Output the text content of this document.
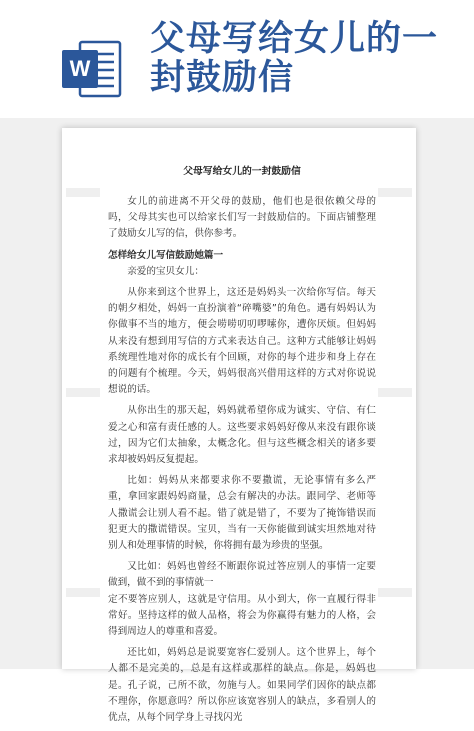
W
父母写给女儿的一封鼓励信
父母写给女儿的一封鼓励信

女儿的前进离不开父母的鼓励，他们也是很依赖父母的吗，父母其实也可以给家长们写一封鼓励信的。下面店铺整理了鼓励女儿写的信，供你参考。

怎样给女儿写信鼓励她篇一

亲爱的宝贝女儿：

从你来到这个世界上，这还是妈妈头一次给你写信。每天的朝夕相处，妈妈一直扮演着“碎嘴婆”的角色。遇有妈妈认为你做事不当的地方，便会唠唠叨叨啰嗦你，遭你厌烦。但妈妈从来没有想到用写信的方式来表达自己。这种方式能够让妈妈系统理性地对你的成长有个回顾，对你的每个进步和身上存在的问题有个梳理。今天，妈妈很高兴借用这样的方式对你说说想说的话。

从你出生的那天起，妈妈就希望你成为诚实、守信、有仁爱之心和富有责任感的人。这些要求妈妈好像从来没有跟你谈过，因为它们太抽象，太概念化。但与这些概念相关的诸多要求却被妈妈反复提起。

比如：妈妈从来都要求你不要撒谎，无论事情有多么严重，拿回家跟妈妈商量，总会有解决的办法。跟同学、老师等人撒谎会让别人看不起。错了就是错了，不要为了掩饰错误而犯更大的撒谎错误。宝贝，当有一天你能做到诚实坦然地对待别人和处理事情的时候，你将拥有最为珍贵的坚强。

又比如：妈妈也曾经不断跟你说过答应别人的事情一定要做到，做不到的事情就一

定不要答应别人，这就是守信用。从小到大，你一直履行得非常好。坚持这样的做人品格，将会为你赢得有魅力的人格，会得到周边人的尊重和喜爱。

还比如，妈妈总是说要宽容仁爱别人。这个世界上，每个人都不是完美的，总是有这样或那样的缺点。你是，妈妈也是。孔子说，己所不欲，勿施与人。如果同学们因你的缺点都不理你，你愿意吗？所以你应该宽容别人的缺点，多看别人的优点，从每个同学身上寻找闪光
